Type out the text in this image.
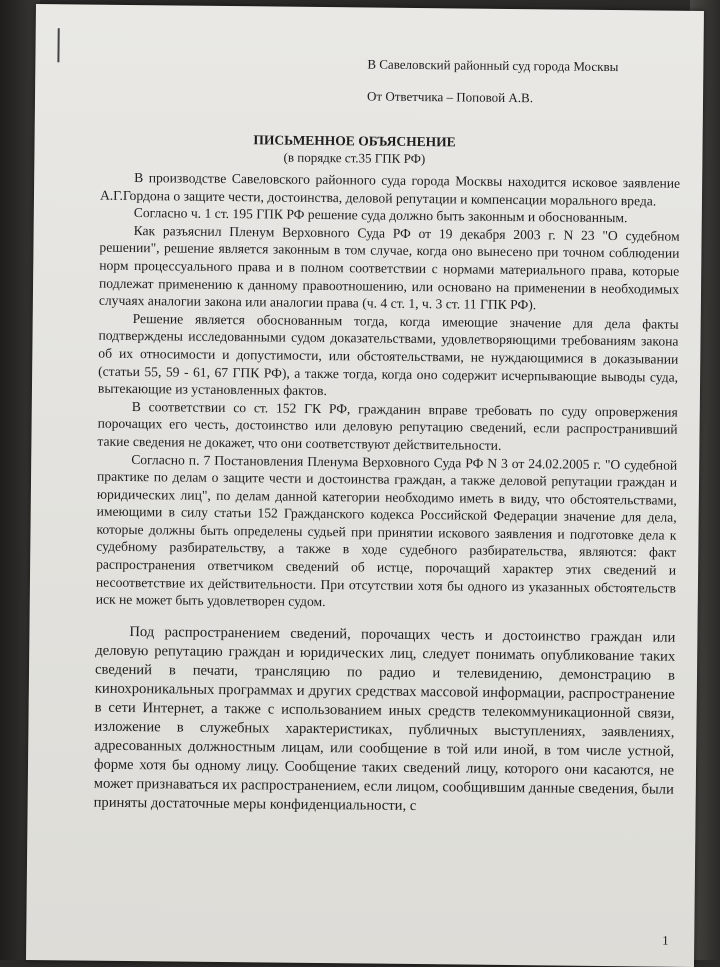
В Савеловский районный суд города Москвы
От Ответчика – Поповой А.В.
ПИСЬМЕННОЕ ОБЪЯСНЕНИЕ
(в порядке ст.35 ГПК РФ)

В производстве Савеловского районного суда города Москвы находится исковое заявление А.Г.Гордона о защите чести, достоинства, деловой репутации и компенсации морального вреда.

Согласно ч. 1 ст. 195 ГПК РФ решение суда должно быть законным и обоснованным.

Как разъяснил Пленум Верховного Суда РФ от 19 декабря 2003 г. N 23 "О судебном решении", решение является законным в том случае, когда оно вынесено при точном соблюдении норм процессуального права и в полном соответствии с нормами материального права, которые подлежат применению к данному правоотношению, или основано на применении в необходимых случаях аналогии закона или аналогии права (ч. 4 ст. 1, ч. 3 ст. 11 ГПК РФ).

Решение является обоснованным тогда, когда имеющие значение для дела факты подтверждены исследованными судом доказательствами, удовлетворяющими требованиям закона об их относимости и допустимости, или обстоятельствами, не нуждающимися в доказывании (статьи 55, 59 - 61, 67 ГПК РФ), а также тогда, когда оно содержит исчерпывающие выводы суда, вытекающие из установленных фактов.

В соответствии со ст. 152 ГК РФ, гражданин вправе требовать по суду опровержения порочащих его честь, достоинство или деловую репутацию сведений, если распространивший такие сведения не докажет, что они соответствуют действительности.

Согласно п. 7 Постановления Пленума Верховного Суда РФ N 3 от 24.02.2005 г. "О судебной практике по делам о защите чести и достоинства граждан, а также деловой репутации граждан и юридических лиц", по делам данной категории необходимо иметь в виду, что обстоятельствами, имеющими в силу статьи 152 Гражданского кодекса Российской Федерации значение для дела, которые должны быть определены судьей при принятии искового заявления и подготовке дела к судебному разбирательству, а также в ходе судебного разбирательства, являются: факт распространения ответчиком сведений об истце, порочащий характер этих сведений и несоответствие их действительности. При отсутствии хотя бы одного из указанных обстоятельств иск не может быть удовлетворен судом.

Под распространением сведений, порочащих честь и достоинство граждан или деловую репутацию граждан и юридических лиц, следует понимать опубликование таких сведений в печати, трансляцию по радио и телевидению, демонстрацию в кинохроникальных программах и других средствах массовой информации, распространение в сети Интернет, а также с использованием иных средств телекоммуникационной связи, изложение в служебных характеристиках, публичных выступлениях, заявлениях, адресованных должностным лицам, или сообщение в той или иной, в том числе устной, форме хотя бы одному лицу. Сообщение таких сведений лицу, которого они касаются, не может признаваться их распространением, если лицом, сообщившим данные сведения, были приняты достаточные меры конфиденциальности, с

1
